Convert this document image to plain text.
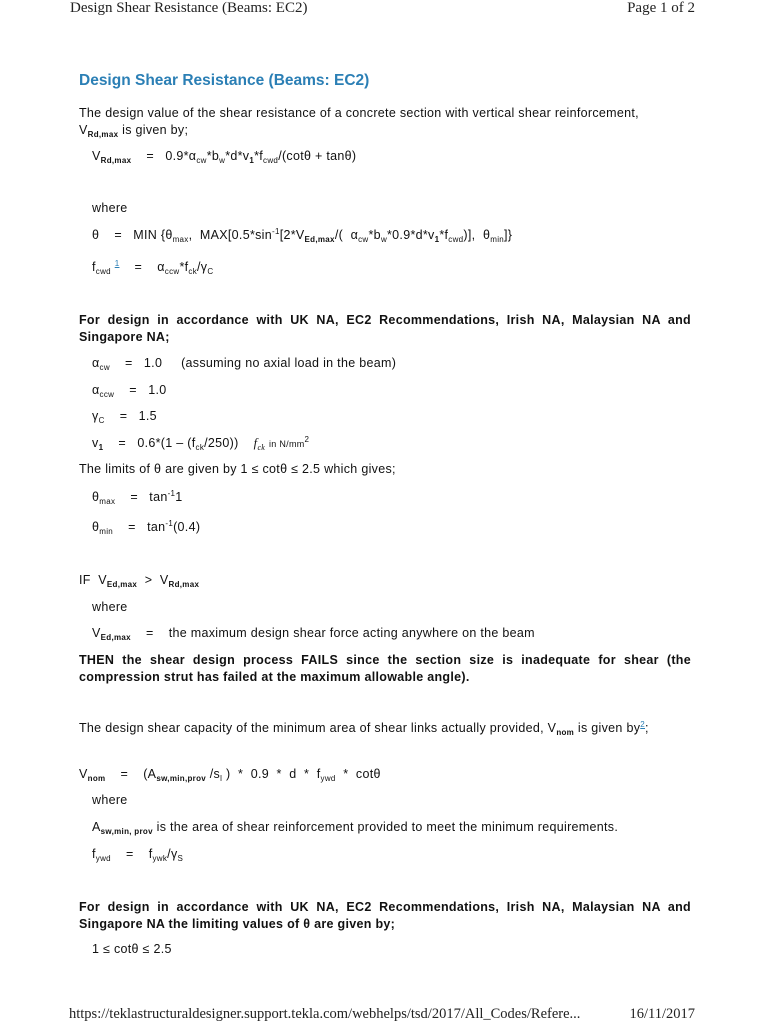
Design Shear Resistance (Beams: EC2)	Page 1 of 2
Design Shear Resistance (Beams: EC2)

The design value of the shear resistance of a concrete section with vertical shear reinforcement,
$V_{Rd,max}$ is given by;

$V_{Rd,max}$    =   $0.9*\alpha_{cw}*b_w*d*v_1*f_{cwd}/(\cot\theta + \tan\theta)$
where
θ    =   MIN {$\theta_{max}$,  $MAX[0.5*\sin^{-1}[2*V_{Ed,max}/$(  $\alpha_{cw}*b_w*0.9*d*v_1*f_{cwd}$)],  $\theta_{min}$]}
$f_{cwd}$ $^1$    =    $\alpha_{ccw}*f_{ck}/\gamma_C$

For design in accordance with UK NA, EC2 Recommendations, Irish NA, Malaysian NA and Singapore NA;

$\alpha_{cw}$    =   1.0     (assuming no axial load in the beam)
$\alpha_{ccw}$    =   1.0
$\gamma_C$    =   1.5
$v_1$    =   $0.6*(1 - (f_{ck}/250))$    $f_{ck}$ in $N/mm^2$
The limits of θ are given by 1 ≤ cotθ ≤ 2.5 which gives;
$\theta_{max}$    =   $\tan^{-1}1$
$\theta_{min}$    =   $\tan^{-1}(0.4)$
IF  $V_{Ed,max} > V_{Rd,max}$
where
$V_{Ed,max}$    =    the maximum design shear force acting anywhere on the beam

THEN the shear design process FAILS since the section size is inadequate for shear (the compression strut has failed at the maximum allowable angle).

The design shear capacity of the minimum area of shear links actually provided, $V_{nom}$ is given by$^2$;

$V_{nom}$    =    ($A_{sw,min,prov}$ $/s_l$ )  *  0.9  *  d  *  $f_{ywd}$  *  cotθ
where
$A_{sw,min, prov}$ is the area of shear reinforcement provided to meet the minimum requirements.
$f_{ywd}$    =    $f_{ywk}/\gamma_S$

For design in accordance with UK NA, EC2 Recommendations, Irish NA, Malaysian NA and Singapore NA the limiting values of θ are given by;

1 ≤ cotθ ≤ 2.5
https://teklastructuraldesigner.support.tekla.com/webhelps/tsd/2017/All_Codes/Refere...	16/11/2017
